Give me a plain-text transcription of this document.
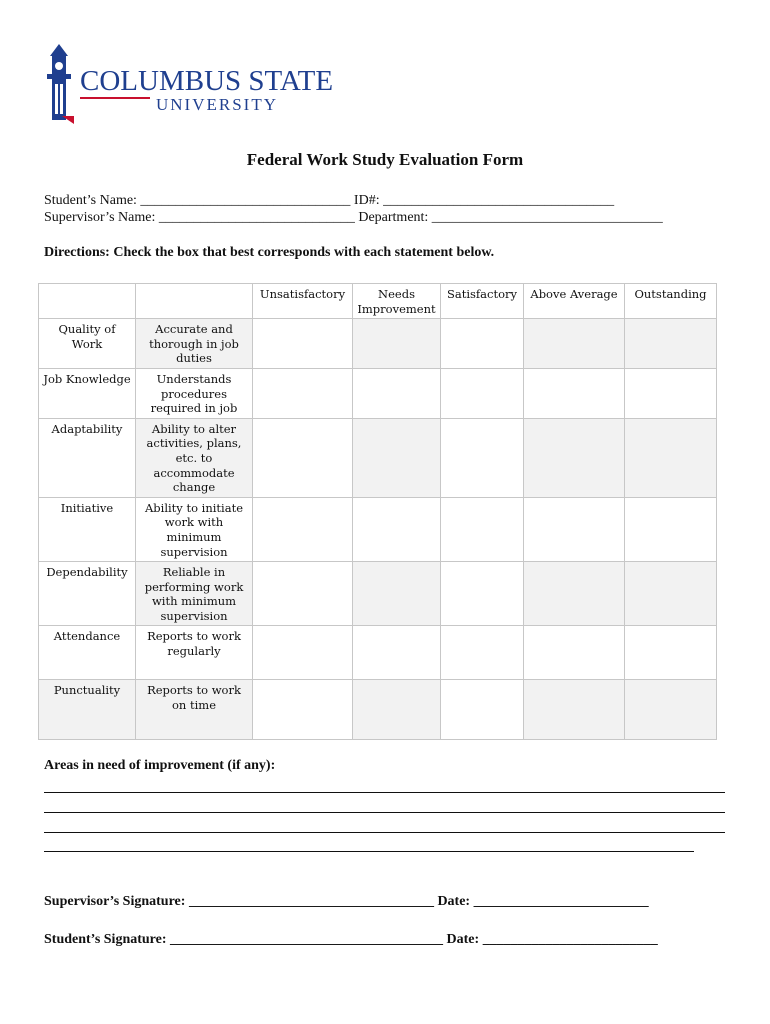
COLUMBUS STATE
UNIVERSITY
Federal Work Study Evaluation Form
Student’s Name: ______________________________ ID#: _________________________________
Supervisor’s Name: ____________________________ Department: _________________________________
Directions: Check the box that best corresponds with each statement below.
		Unsatisfactory	Needs Improvement	Satisfactory	Above Average	Outstanding
Quality of Work	Accurate and thorough in job duties					
Job Knowledge	Understands procedures required in job					
Adaptability	Ability to alter activities, plans, etc. to accommodate change					
Initiative	Ability to initiate work with minimum supervision					
Dependability	Reliable in performing work with minimum supervision					
Attendance	Reports to work regularly					
Punctuality	Reports to work on time					
Areas in need of improvement (if any):
Supervisor’s Signature: ___________________________________ Date: _________________________
Student’s Signature: _______________________________________ Date: _________________________
